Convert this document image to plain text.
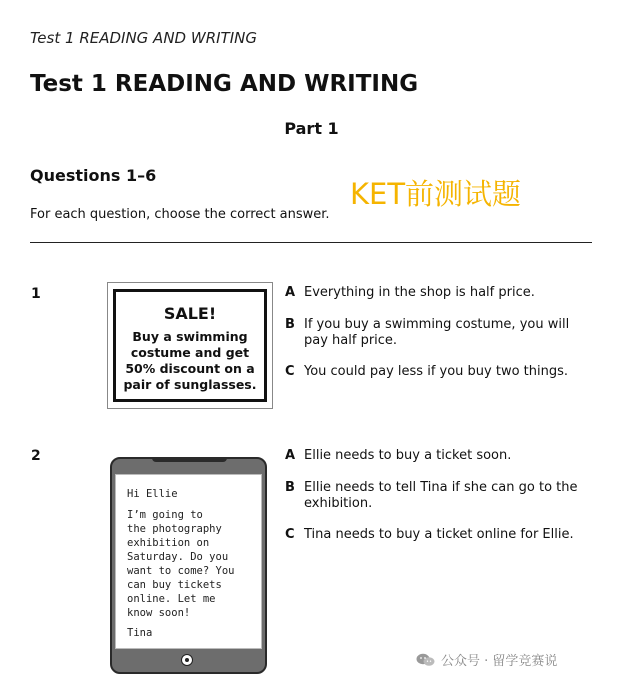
Test 1 READING AND WRITING
Test 1 READING AND WRITING
Part 1
Questions 1–6
KET前测试题
For each question, choose the correct answer.
1
SALE!
Buy a swimming costume and get 50% discount on a pair of sunglasses.
A Everything in the shop is half price.
B If you buy a swimming costume, you will pay half price.
C You could pay less if you buy two things.
2
Hi Ellie
I’m going to
the photography
exhibition on
Saturday. Do you
want to come? You
can buy tickets
online. Let me
know soon!
Tina
A Ellie needs to buy a ticket soon.
B Ellie needs to tell Tina if she can go to the exhibition.
C Tina needs to buy a ticket online for Ellie.
公众号 · 留学竞赛说
